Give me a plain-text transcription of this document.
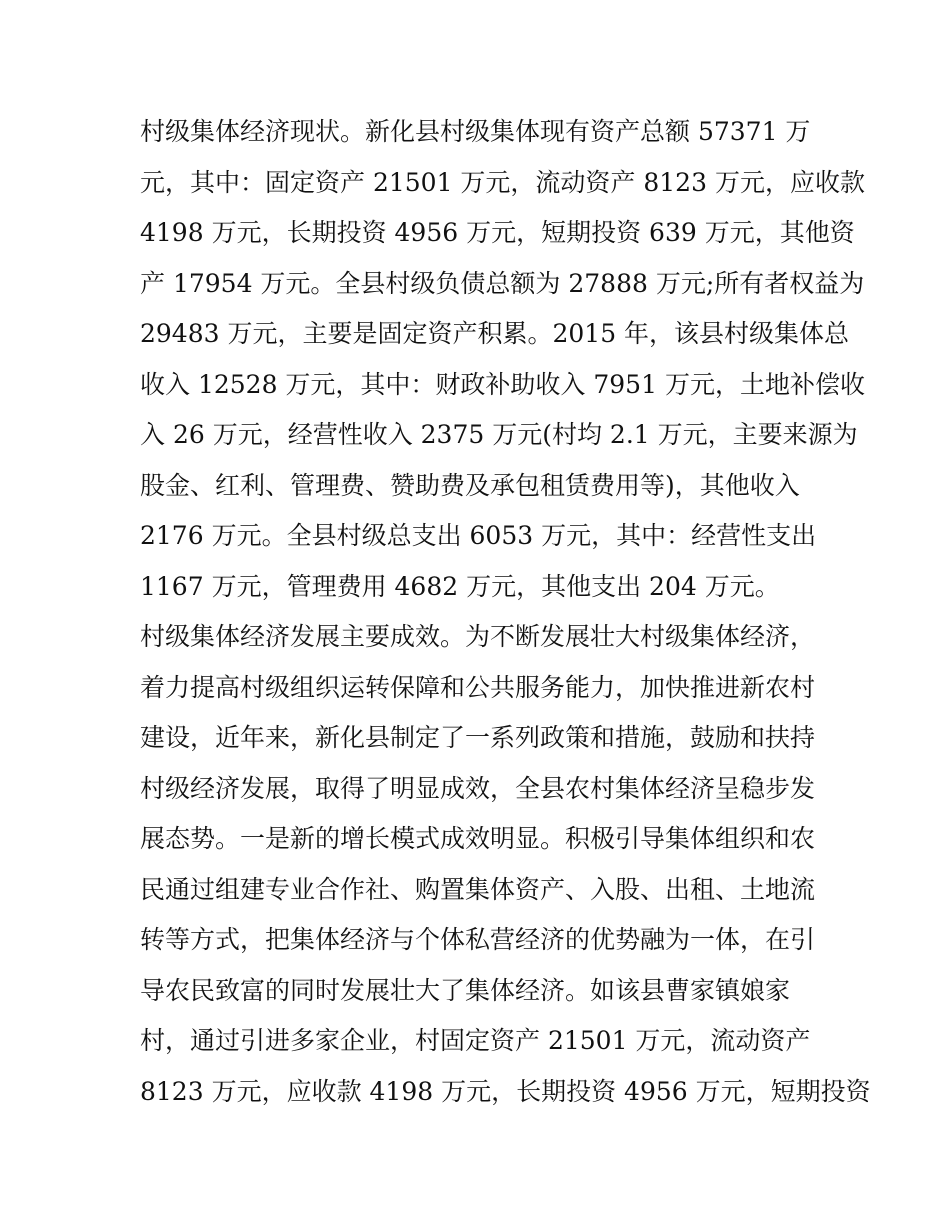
村级集体经济现状。新化县村级集体现有资产总额 57371 万
元，其中：固定资产 21501 万元，流动资产 8123 万元，应收款
4198 万元，长期投资 4956 万元，短期投资 639 万元，其他资
产 17954 万元。全县村级负债总额为 27888 万元;所有者权益为
29483 万元，主要是固定资产积累。2015 年，该县村级集体总
收入 12528 万元，其中：财政补助收入 7951 万元，土地补偿收
入 26 万元，经营性收入 2375 万元(村均 2.1 万元，主要来源为
股金、红利、管理费、赞助费及承包租赁费用等)，其他收入
2176 万元。全县村级总支出 6053 万元，其中：经营性支出
1167 万元，管理费用 4682 万元，其他支出 204 万元。
村级集体经济发展主要成效。为不断发展壮大村级集体经济，
着力提高村级组织运转保障和公共服务能力，加快推进新农村
建设，近年来，新化县制定了一系列政策和措施，鼓励和扶持
村级经济发展，取得了明显成效，全县农村集体经济呈稳步发
展态势。一是新的增长模式成效明显。积极引导集体组织和农
民通过组建专业合作社、购置集体资产、入股、出租、土地流
转等方式，把集体经济与个体私营经济的优势融为一体，在引
导农民致富的同时发展壮大了集体经济。如该县曹家镇娘家
村，通过引进多家企业，村固定资产 21501 万元，流动资产
8123 万元，应收款 4198 万元，长期投资 4956 万元，短期投资
